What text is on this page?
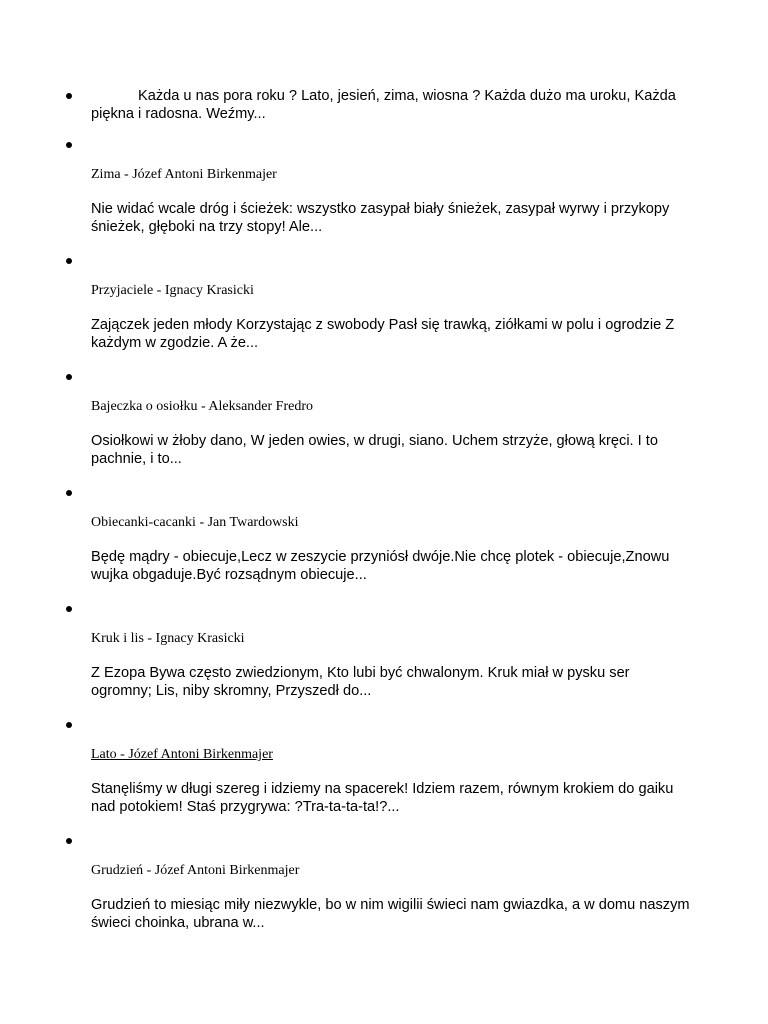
Każda u nas pora roku ? Lato, jesień, zima, wiosna ? Każda dużo ma uroku, Każda piękna i radosna. Weźmy...

Zima - Józef Antoni Birkenmajer

Nie widać wcale dróg i ścieżek: wszystko zasypał biały śnieżek, zasypał wyrwy i przykopy śnieżek, głęboki na trzy stopy! Ale...

Przyjaciele - Ignacy Krasicki

Zajączek jeden młody Korzystając z swobody Pasł się trawką, ziółkami w polu i ogrodzie Z każdym w zgodzie. A że...

Bajeczka o osiołku - Aleksander Fredro

Osiołkowi w żłoby dano, W jeden owies, w drugi, siano. Uchem strzyże, głową kręci. I to pachnie, i to...

Obiecanki-cacanki - Jan Twardowski

Będę mądry - obiecuje,Lecz w zeszycie przyniósł dwóje.Nie chcę plotek - obiecuje,Znowu wujka obgaduje.Być rozsądnym obiecuje...

Kruk i lis - Ignacy Krasicki

Z Ezopa Bywa często zwiedzionym, Kto lubi być chwalonym. Kruk miał w pysku ser ogromny; Lis, niby skromny, Przyszedł do...

Lato - Józef Antoni Birkenmajer

Stanęliśmy w długi szereg i idziemy na spacerek! Idziem razem, równym krokiem do gaiku nad potokiem! Staś przygrywa: ?Tra-ta-ta-ta!?...

Grudzień - Józef Antoni Birkenmajer

Grudzień to miesiąc miły niezwykle, bo w nim wigilii świeci nam gwiazdka, a w domu naszym świeci choinka, ubrana w...
